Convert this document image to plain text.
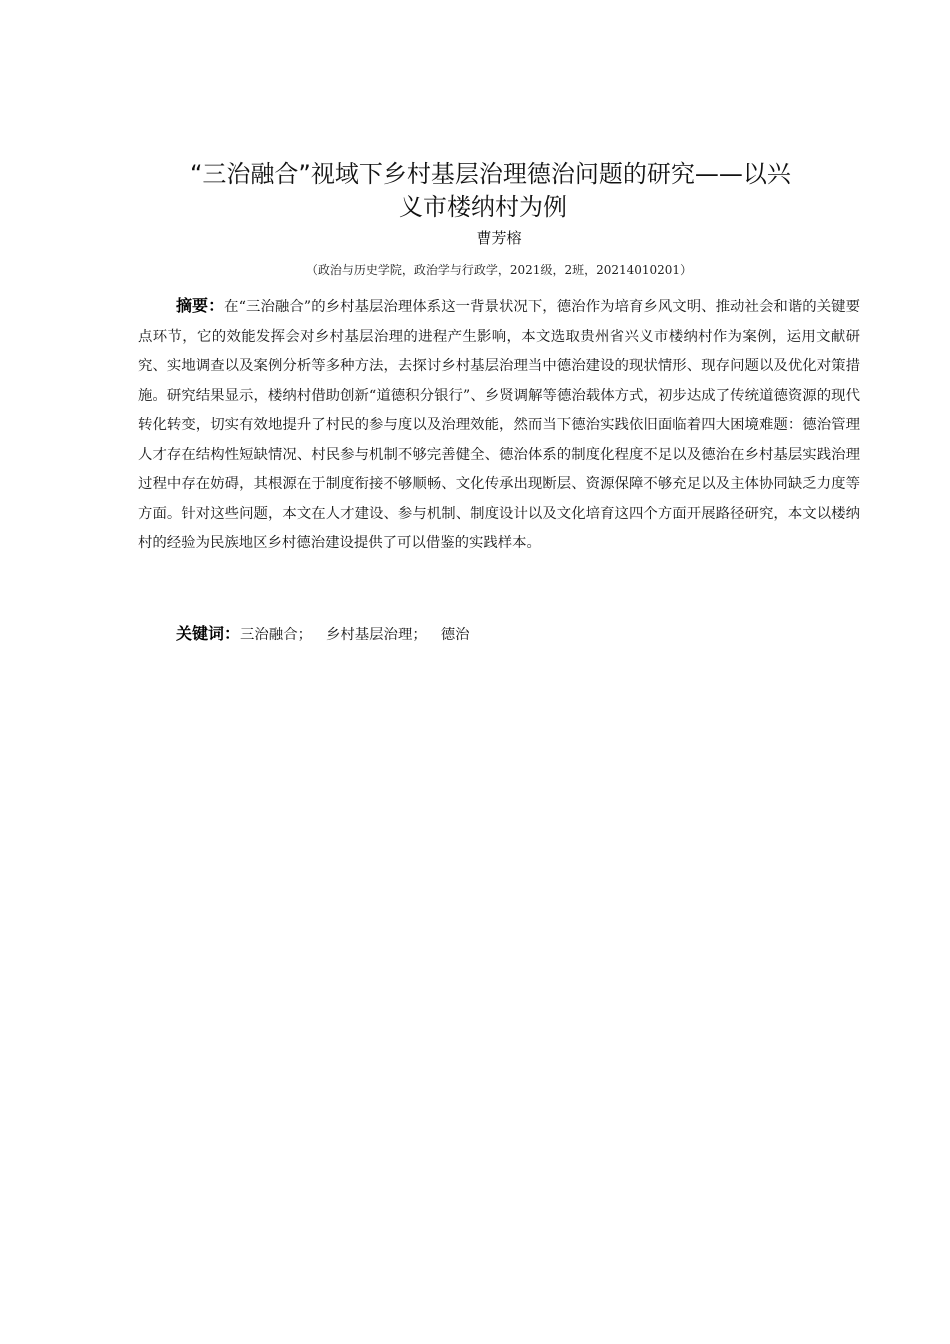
“三治融合”视域下乡村基层治理德治问题的研究——以兴
义市楼纳村为例
曹芳榕
（政治与历史学院，政治学与行政学，2021级，2班，20214010201）
摘要：在“三治融合”的乡村基层治理体系这一背景状况下，德治作为培育乡风文明、推动社会和谐的关键要点环节，它的效能发挥会对乡村基层治理的进程产生影响，本文选取贵州省兴义市楼纳村作为案例，运用文献研究、实地调查以及案例分析等多种方法，去探讨乡村基层治理当中德治建设的现状情形、现存问题以及优化对策措施。研究结果显示，楼纳村借助创新“道德积分银行”、乡贤调解等德治载体方式，初步达成了传统道德资源的现代转化转变，切实有效地提升了村民的参与度以及治理效能，然而当下德治实践依旧面临着四大困境难题：德治管理人才存在结构性短缺情况、村民参与机制不够完善健全、德治体系的制度化程度不足以及德治在乡村基层实践治理过程中存在妨碍，其根源在于制度衔接不够顺畅、文化传承出现断层、资源保障不够充足以及主体协同缺乏力度等方面。针对这些问题，本文在人才建设、参与机制、制度设计以及文化培育这四个方面开展路径研究，本文以楼纳村的经验为民族地区乡村德治建设提供了可以借鉴的实践样本。
关键词：三治融合； 乡村基层治理； 德治
